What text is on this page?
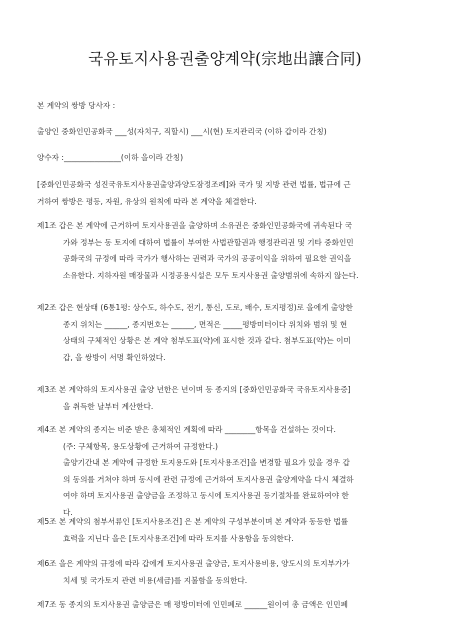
국유토지사용권출양계약(宗地出讓合同)
본 계약의 쌍방 당사자 :
출양인 중화인민공화국 ___성(자치구, 직할시) ___시(현) 토지관리국 (이하 갑이라 간칭)
양수자 :_______________(이하 을이라 간칭)
[중화인민공화국 성진국유토지사용권출양과양도잠정조례]와 국가 및 지방 관련 법률, 법규에 근
거하여 쌍방은 평등, 자원, 유상의 원칙에 따라 본 계약을 체결한다.
제1조 갑은 본 계약에 근거하여 토지사용권을 출양하며 소유권은 중화인민공화국에 귀속된다 국
가와 정부는 동 토지에 대하여 법률이 부여한 사법관할권과 행정관리권 및 기타 중화인민
공화국의 규정에 따라 국가가 행사하는 권력과 국가의 공공이익을 위하여 필요한 권익을
소유한다. 지하자원 매장물과 시정공용시설은 모두 토지사용권 출양범위에 속하지 않는다.
제2조 갑은 현상태 (6통1평: 상수도, 하수도, 전기, 통신, 도로, 배수, 토지평정)로 을에게 출양한
종지 위치는 ______, 종지번호는 ______, 면적은 _____평방미터이다 위치와 범위 및 현
상태의 구체적인 상황은 본 계약 첨부도표(약)에 표시한 것과 같다. 첨부도표(약)는 이미
갑, 을 쌍방이 서명 확인하였다.
제3조 본 계약하의 토지사용권 출양 년한은 년이며 동 종지의 [중화인민공화국 국유토지사용증]
을 취득한 날부터 계산한다.
제4조 본 계약의 종지는 비준 받은 총체적인 계획에 따라 ________항목을 건설하는 것이다.
(주: 구체항목, 용도상황에 근거하여 규정한다.)
출양기간내 본 계약에 규정한 토지용도와 [토지사용조건]을 변경할 필요가 있을 경우 갑
의 동의를 거쳐야 하며 동시에 관련 규정에 근거하여 토지사용권 출양계약을 다시 체결하
여야 하며 토지사용권 출양금을 조정하고 동시에 토지사용권 등기절차를 완료하여야 한
다.
제5조 본 계약의 첨부서류인 [토지사용조건] 은 본 계약의 구성부분이며 본 계약과 동등한 법률
효력을 지닌다 을은 [토지사용조건]에 따라 토지를 사용함을 동의한다.
제6조 을은 계약의 규정에 따라 갑에게 토지사용권 출양금, 토지사용비용, 양도시의 토지부가가
치세 및 국가토지 관련 비용(세금)를 지불함을 동의한다.
제7조 동 종지의 토지사용권 출양금은 매 평방미터에 인민폐로 ______원이여 총 금액은 인민폐
